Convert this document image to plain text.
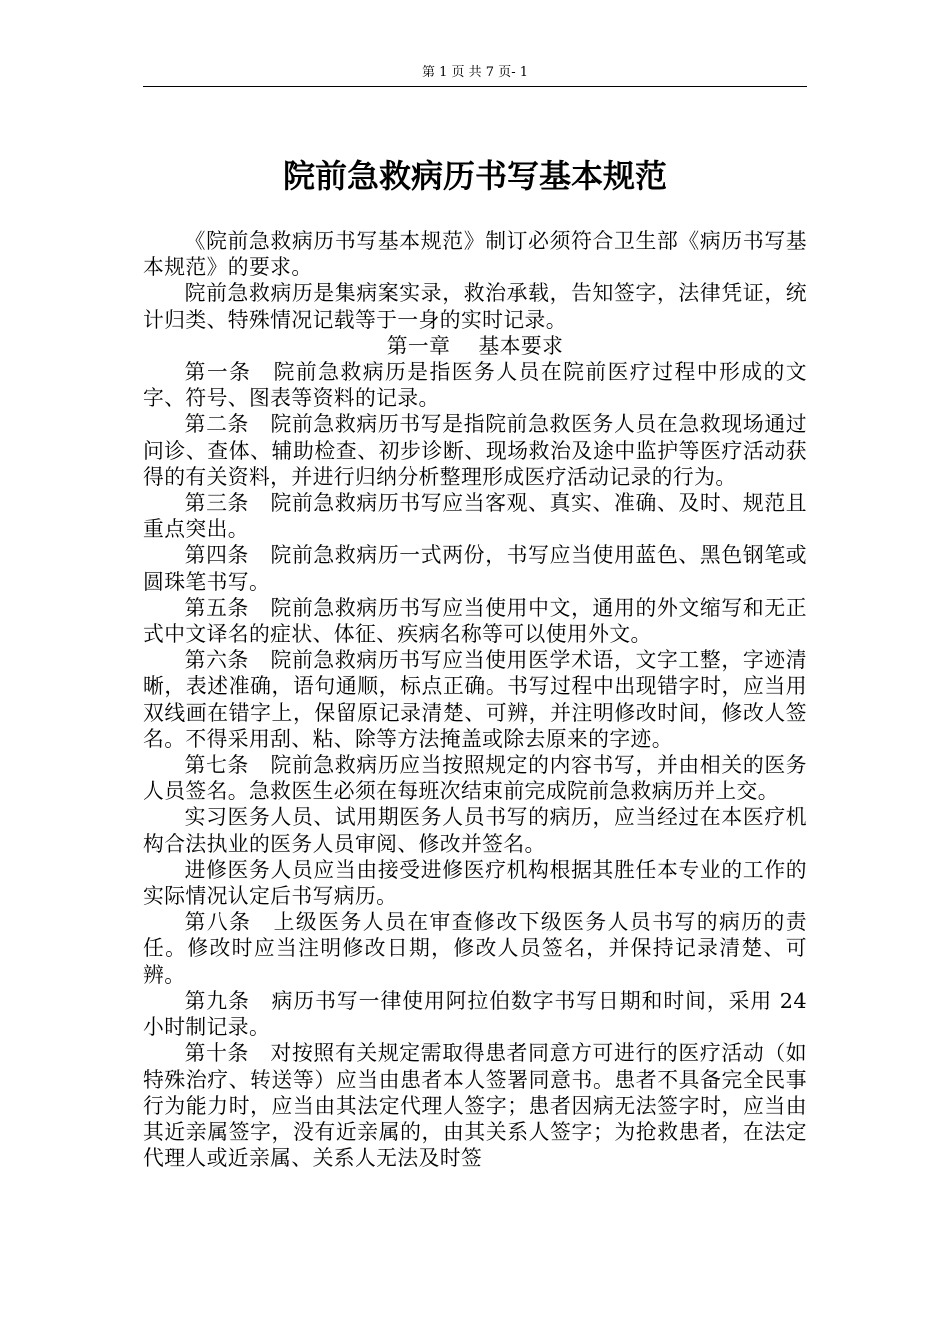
第 1 页 共 7 页- 1
院前急救病历书写基本规范

《院前急救病历书写基本规范》制订必须符合卫生部《病历书写基本规范》的要求。

院前急救病历是集病案实录，救治承载，告知签字，法律凭证，统计归类、特殊情况记载等于一身的实时记录。

第一章　 基本要求

第一条　院前急救病历是指医务人员在院前医疗过程中形成的文字、符号、图表等资料的记录。

第二条　院前急救病历书写是指院前急救医务人员在急救现场通过问诊、查体、辅助检查、初步诊断、现场救治及途中监护等医疗活动获得的有关资料，并进行归纳分析整理形成医疗活动记录的行为。

第三条　院前急救病历书写应当客观、真实、准确、及时、规范且重点突出。

第四条　院前急救病历一式两份，书写应当使用蓝色、黑色钢笔或圆珠笔书写。

第五条　院前急救病历书写应当使用中文，通用的外文缩写和无正式中文译名的症状、体征、疾病名称等可以使用外文。

第六条　院前急救病历书写应当使用医学术语，文字工整，字迹清晰，表述准确，语句通顺，标点正确。书写过程中出现错字时，应当用双线画在错字上，保留原记录清楚、可辨，并注明修改时间，修改人签名。不得采用刮、粘、除等方法掩盖或除去原来的字迹。

第七条　院前急救病历应当按照规定的内容书写，并由相关的医务人员签名。急救医生必须在每班次结束前完成院前急救病历并上交。

实习医务人员、试用期医务人员书写的病历，应当经过在本医疗机构合法执业的医务人员审阅、修改并签名。

进修医务人员应当由接受进修医疗机构根据其胜任本专业的工作的实际情况认定后书写病历。

第八条　上级医务人员在审查修改下级医务人员书写的病历的责任。修改时应当注明修改日期，修改人员签名，并保持记录清楚、可辨。

第九条　病历书写一律使用阿拉伯数字书写日期和时间，采用 24 小时制记录。

第十条　对按照有关规定需取得患者同意方可进行的医疗活动（如特殊治疗、转送等）应当由患者本人签署同意书。患者不具备完全民事行为能力时，应当由其法定代理人签字；患者因病无法签字时，应当由其近亲属签字，没有近亲属的，由其关系人签字；为抢救患者，在法定代理人或近亲属、关系人无法及时签
